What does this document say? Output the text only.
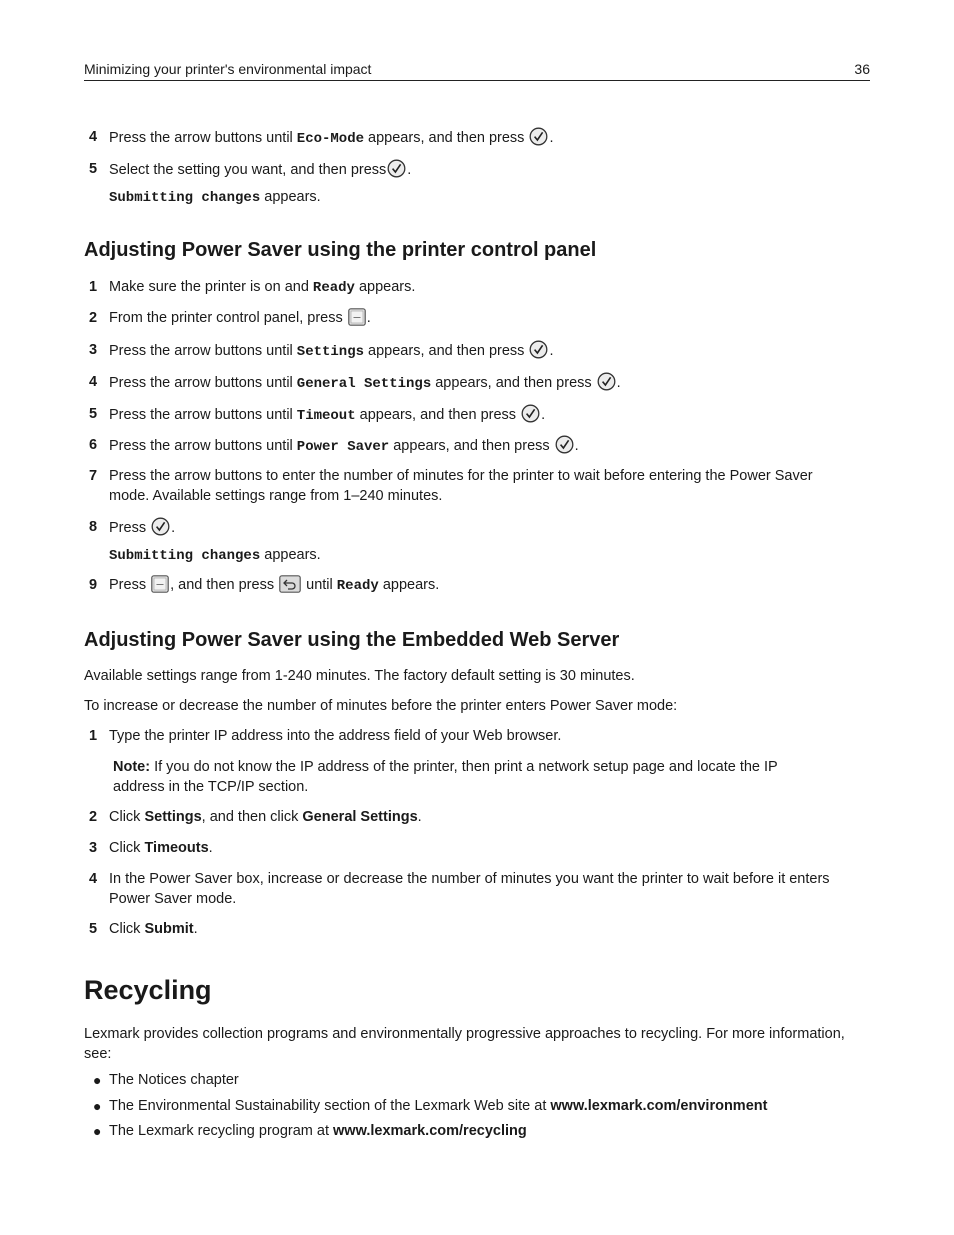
Minimizing your printer's environmental impact	36
4 Press the arrow buttons until Eco-Mode appears, and then press
.
5 Select the setting you want, and then press .
Submitting changes appears.
Adjusting Power Saver using the printer control panel
1 Make sure the printer is on and Ready appears.
2 From the printer control panel, press
.
3 Press the arrow buttons until Settings appears, and then press
.
4 Press the arrow buttons until General Settings appears, and then press
.
5 Press the arrow buttons until Timeout appears, and then press
.
6 Press the arrow buttons until Power Saver appears, and then press
.
7 Press the arrow buttons to enter the number of minutes for the printer to wait before entering the Power Saver
mode. Available settings range from 1–240 minutes.
8 Press
.
Submitting changes appears.
9 Press
, and then press
until Ready appears.
Adjusting Power Saver using the Embedded Web Server
Available settings range from 1‑240 minutes. The factory default setting is 30 minutes.
To increase or decrease the number of minutes before the printer enters Power Saver mode:
1 Type the printer IP address into the address field of your Web browser.
Note: If you do not know the IP address of the printer, then print a network setup page and locate the IP
address in the TCP/IP section.
2 Click Settings, and then click General Settings.
3 Click Timeouts.
4 In the Power Saver box, increase or decrease the number of minutes you want the printer to wait before it enters
Power Saver mode.
5 Click Submit.
Recycling
Lexmark provides collection programs and environmentally progressive approaches to recycling. For more information,
see:
● The Notices chapter
● The Environmental Sustainability section of the Lexmark Web site at www.lexmark.com/environment
● The Lexmark recycling program at www.lexmark.com/recycling
